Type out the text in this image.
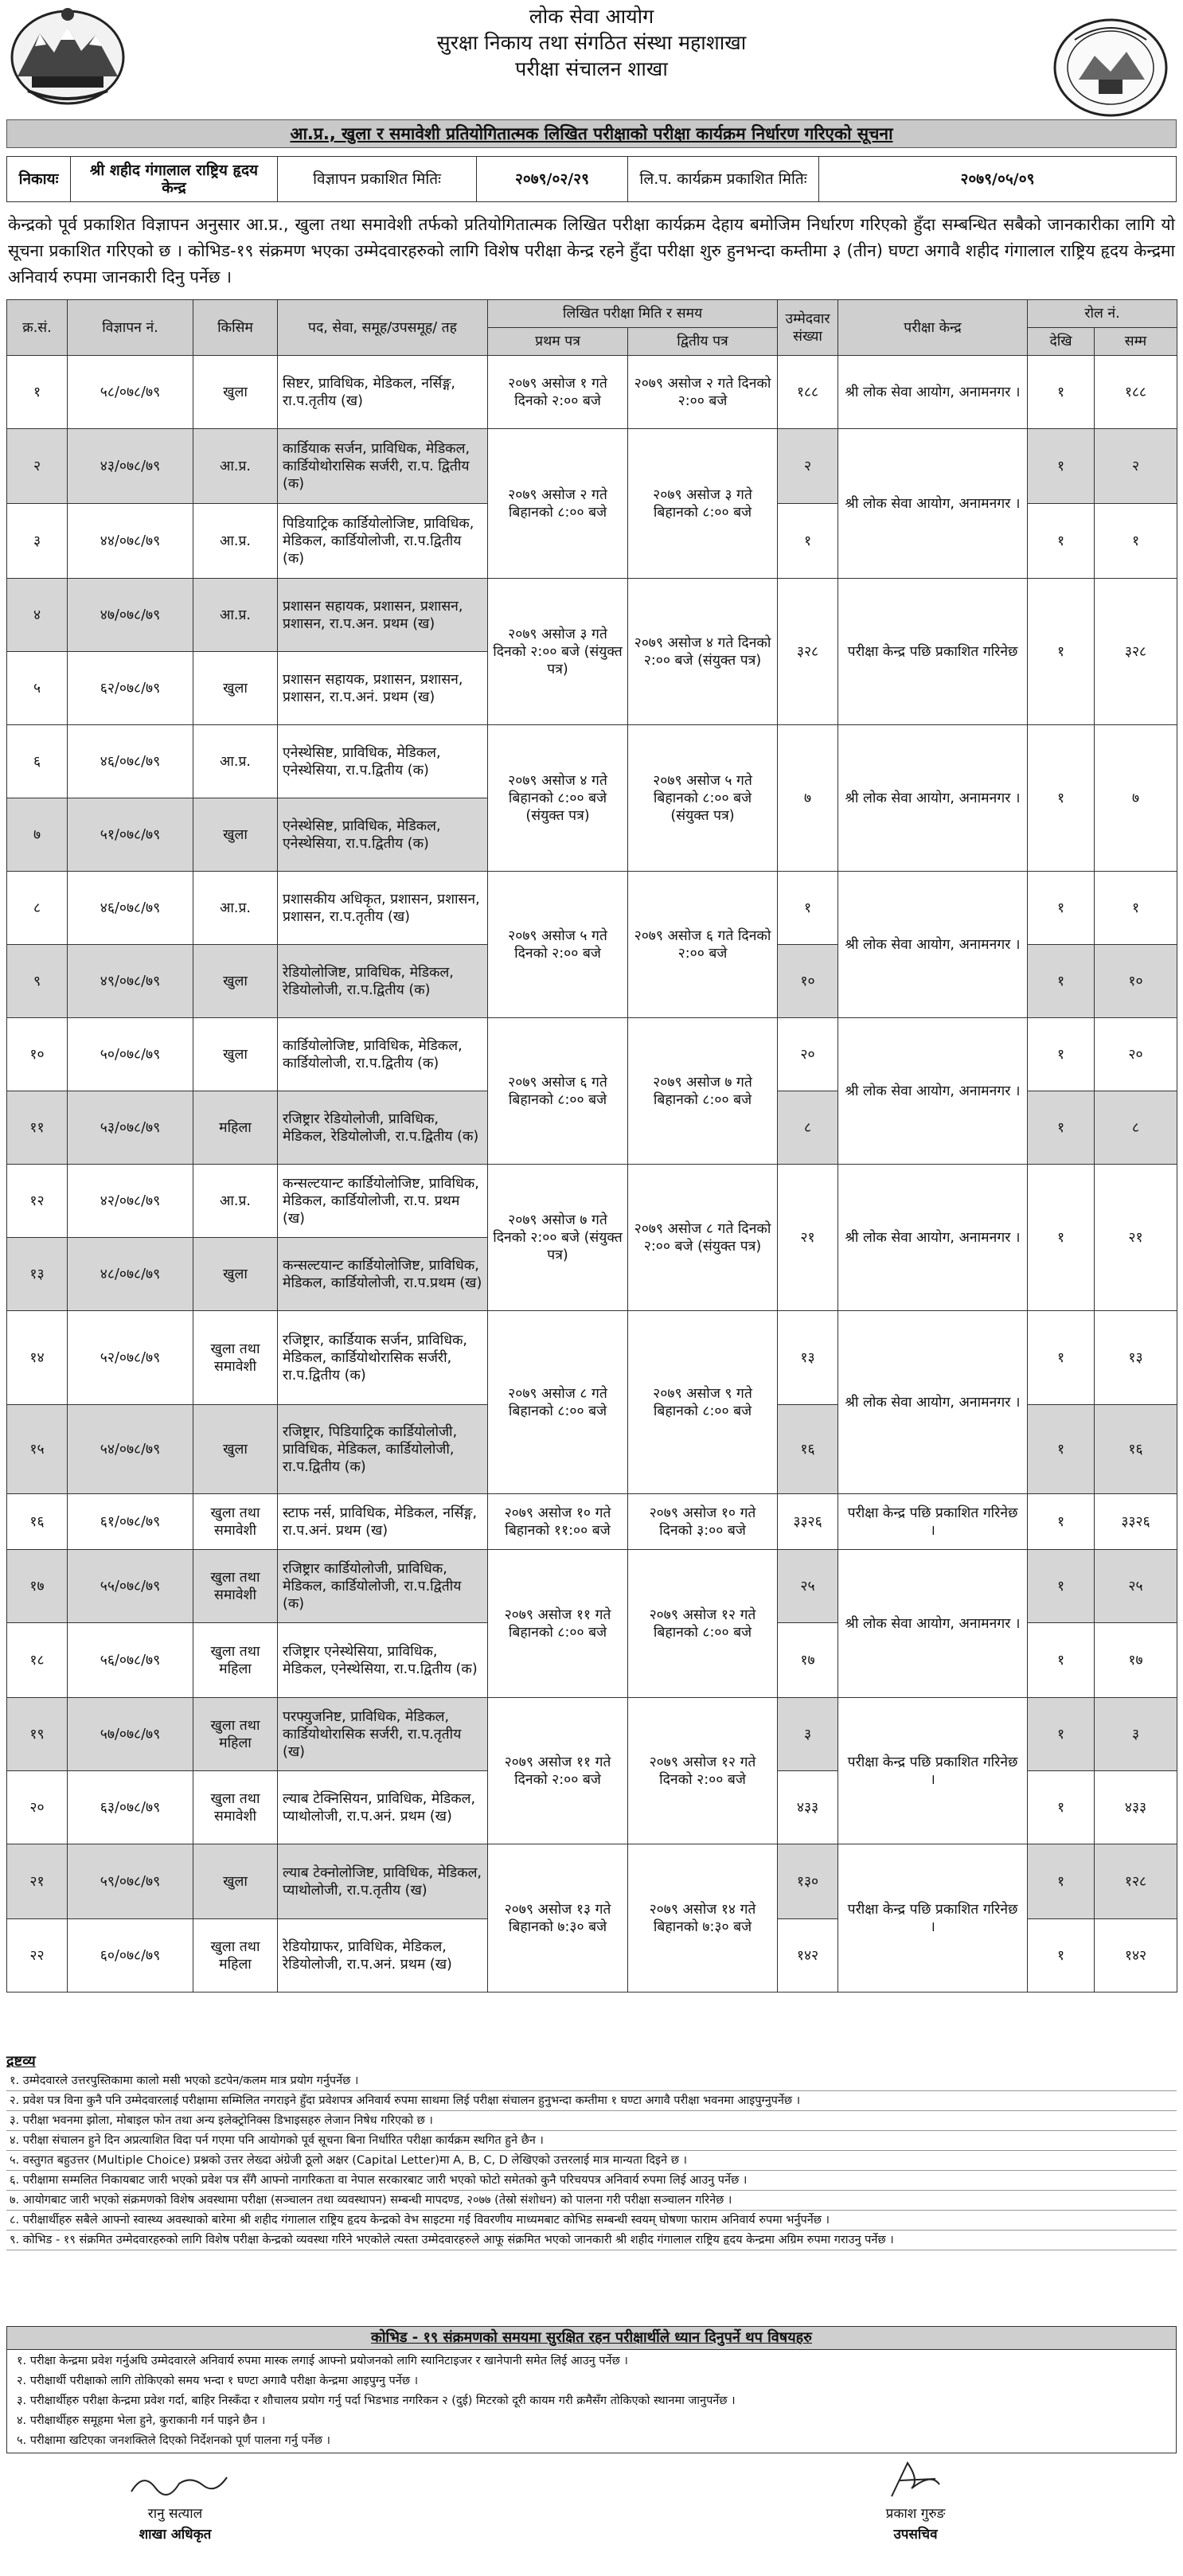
लोक सेवा आयोग
सुरक्षा निकाय तथा संगठित संस्था महाशाखा
परीक्षा संचालन शाखा
आ.प्र., खुला र समावेशी प्रतियोगितात्मक लिखित परीक्षाको परीक्षा कार्यक्रम निर्धारण गरिएको सूचना
निकायः	श्री शहीद गंगालाल राष्ट्रिय हृदय केन्द्र	विज्ञापन प्रकाशित मितिः	२०७९/०२/२९	लि.प. कार्यक्रम प्रकाशित मितिः	२०७९/०५/०९
केन्द्रको पूर्व प्रकाशित विज्ञापन अनुसार आ.प्र., खुला तथा समावेशी तर्फको प्रतियोगितात्मक लिखित परीक्षा कार्यक्रम देहाय बमोजिम निर्धारण गरिएको हुँदा सम्बन्धित सबैको जानकारीका लागि यो सूचना प्रकाशित गरिएको छ । कोभिड-१९ संक्रमण भएका उम्मेदवारहरुको लागि विशेष परीक्षा केन्द्र रहने हुँदा परीक्षा शुरु हुनभन्दा कम्तीमा ३ (तीन) घण्टा अगावै शहीद गंगालाल राष्ट्रिय हृदय केन्द्रमा अनिवार्य रुपमा जानकारी दिनु पर्नेछ ।
क्र.सं.	विज्ञापन नं.	किसिम	पद, सेवा, समूह/उपसमूह/ तह	लिखित परीक्षा मिति र समय		उम्मेदवार संख्या	परीक्षा केन्द्र	रोल नं.	
				प्रथम पत्र	द्वितीय पत्र			देखि	सम्म
१	५८/०७८/७९	खुला	सिष्टर, प्राविधिक, मेडिकल, नर्सिङ्ग, रा.प.तृतीय (ख)	२०७९ असोज १ गते दिनको २:०० बजे	२०७९ असोज २ गते दिनको २:०० बजे	१८८	श्री लोक सेवा आयोग, अनामनगर ।	१	१८८
२	४३/०७८/७९	आ.प्र.	कार्डियाक सर्जन, प्राविधिक, मेडिकल, कार्डियोथोरासिक सर्जरी, रा.प. द्वितीय (क)	२०७९ असोज २ गते बिहानको ८:०० बजे	२०७९ असोज ३ गते बिहानको ८:०० बजे	२	श्री लोक सेवा आयोग, अनामनगर ।	१	२
३	४४/०७८/७९	आ.प्र.	पिडियाट्रिक कार्डियोलोजिष्ट, प्राविधिक, मेडिकल, कार्डियोलोजी, रा.प.द्वितीय (क)			१		१	१
४	४७/०७८/७९	आ.प्र.	प्रशासन सहायक, प्रशासन, प्रशासन, प्रशासन, रा.प.अन. प्रथम (ख)	२०७९ असोज ३ गते दिनको २:०० बजे (संयुक्त पत्र)	२०७९ असोज ४ गते दिनको २:०० बजे (संयुक्त पत्र)	३२८	परीक्षा केन्द्र पछि प्रकाशित गरिनेछ	१	३२८
५	६२/०७८/७९	खुला	प्रशासन सहायक, प्रशासन, प्रशासन, प्रशासन, रा.प.अनं. प्रथम (ख)						
६	४६/०७८/७९	आ.प्र.	एनेस्थेसिष्ट, प्राविधिक, मेडिकल, एनेस्थेसिया, रा.प.द्वितीय (क)	२०७९ असोज ४ गते बिहानको ८:०० बजे (संयुक्त पत्र)	२०७९ असोज ५ गते बिहानको ८:०० बजे (संयुक्त पत्र)	७	श्री लोक सेवा आयोग, अनामनगर ।	१	७
७	५१/०७८/७९	खुला	एनेस्थेसिष्ट, प्राविधिक, मेडिकल, एनेस्थेसिया, रा.प.द्वितीय (क)						
८	४६/०७८/७९	आ.प्र.	प्रशासकीय अधिकृत, प्रशासन, प्रशासन, प्रशासन, रा.प.तृतीय (ख)	२०७९ असोज ५ गते दिनको २:०० बजे	२०७९ असोज ६ गते दिनको २:०० बजे	१	श्री लोक सेवा आयोग, अनामनगर ।	१	१
९	४९/०७८/७९	खुला	रेडियोलोजिष्ट, प्राविधिक, मेडिकल, रेडियोलोजी, रा.प.द्वितीय (क)			१०		१	१०
१०	५०/०७८/७९	खुला	कार्डियोलोजिष्ट, प्राविधिक, मेडिकल, कार्डियोलोजी, रा.प.द्वितीय (क)	२०७९ असोज ६ गते बिहानको ८:०० बजे	२०७९ असोज ७ गते बिहानको ८:०० बजे	२०	श्री लोक सेवा आयोग, अनामनगर ।	१	२०
११	५३/०७८/७९	महिला	रजिष्ट्रार रेडियोलोजी, प्राविधिक, मेडिकल, रेडियोलोजी, रा.प.द्वितीय (क)			८		१	८
१२	४२/०७८/७९	आ.प्र.	कन्सल्टयान्ट कार्डियोलोजिष्ट, प्राविधिक, मेडिकल, कार्डियोलोजी, रा.प. प्रथम (ख)	२०७९ असोज ७ गते दिनको २:०० बजे (संयुक्त पत्र)	२०७९ असोज ८ गते दिनको २:०० बजे (संयुक्त पत्र)	२१	श्री लोक सेवा आयोग, अनामनगर ।	१	२१
१३	४८/०७८/७९	खुला	कन्सल्टयान्ट कार्डियोलोजिष्ट, प्राविधिक, मेडिकल, कार्डियोलोजी, रा.प.प्रथम (ख)						
१४	५२/०७८/७९	खुला तथा समावेशी	रजिष्ट्रार, कार्डियाक सर्जन, प्राविधिक, मेडिकल, कार्डियोथोरासिक सर्जरी, रा.प.द्वितीय (क)	२०७९ असोज ८ गते बिहानको ८:०० बजे	२०७९ असोज ९ गते बिहानको ८:०० बजे	१३	श्री लोक सेवा आयोग, अनामनगर ।	१	१३
१५	५४/०७८/७९	खुला	रजिष्ट्रार, पिडियाट्रिक कार्डियोलोजी, प्राविधिक, मेडिकल, कार्डियोलोजी, रा.प.द्वितीय (क)			१६		१	१६
१६	६१/०७८/७९	खुला तथा समावेशी	स्टाफ नर्स, प्राविधिक, मेडिकल, नर्सिङ्ग, रा.प.अनं. प्रथम (ख)	२०७९ असोज १० गते बिहानको ११:०० बजे	२०७९ असोज १० गते दिनको ३:०० बजे	३३२६	परीक्षा केन्द्र पछि प्रकाशित गरिनेछ ।	१	३३२६
१७	५५/०७८/७९	खुला तथा समावेशी	रजिष्ट्रार कार्डियोलोजी, प्राविधिक, मेडिकल, कार्डियोलोजी, रा.प.द्वितीय (क)	२०७९ असोज ११ गते बिहानको ८:०० बजे	२०७९ असोज १२ गते बिहानको ८:०० बजे	२५	श्री लोक सेवा आयोग, अनामनगर ।	१	२५
१८	५६/०७८/७९	खुला तथा महिला	रजिष्ट्रार एनेस्थेसिया, प्राविधिक, मेडिकल, एनेस्थेसिया, रा.प.द्वितीय (क)			१७		१	१७
१९	५७/०७८/७९	खुला तथा महिला	परफ्युजनिष्ट, प्राविधिक, मेडिकल, कार्डियोथोरासिक सर्जरी, रा.प.तृतीय (ख)	२०७९ असोज ११ गते दिनको २:०० बजे	२०७९ असोज १२ गते दिनको २:०० बजे	३	परीक्षा केन्द्र पछि प्रकाशित गरिनेछ ।	१	३
२०	६३/०७८/७९	खुला तथा समावेशी	ल्याब टेक्निसियन, प्राविधिक, मेडिकल, प्याथोलोजी, रा.प.अनं. प्रथम (ख)			४३३		१	४३३
२१	५९/०७८/७९	खुला	ल्याब टेक्नोलोजिष्ट, प्राविधिक, मेडिकल, प्याथोलोजी, रा.प.तृतीय (ख)	२०७९ असोज १३ गते बिहानको ७:३० बजे	२०७९ असोज १४ गते बिहानको ७:३० बजे	१३०	परीक्षा केन्द्र पछि प्रकाशित गरिनेछ ।	१	१२८
२२	६०/०७८/७९	खुला तथा महिला	रेडियोग्राफर, प्राविधिक, मेडिकल, रेडियोलोजी, रा.प.अनं. प्रथम (ख)			१४२		१	१४२
द्रष्टव्य
१. उम्मेदवारले उत्तरपुस्तिकामा कालो मसी भएको डटपेन/कलम मात्र प्रयोग गर्नुपर्नेछ ।
२. प्रवेश पत्र विना कुनै पनि उम्मेदवारलाई परीक्षामा सम्मिलित नगराइने हुँदा प्रवेशपत्र अनिवार्य रुपमा साथमा लिई परीक्षा संचालन हुनुभन्दा कम्तीमा १ घण्टा अगावै परीक्षा भवनमा आइपुग्नुपर्नेछ ।
३. परीक्षा भवनमा झोला, मोबाइल फोन तथा अन्य इलेक्ट्रोनिक्स डिभाइसहरु लेजान निषेध गरिएको छ ।
४. परीक्षा संचालन हुने दिन अप्रत्याशित विदा पर्न गएमा पनि आयोगको पूर्व सूचना बिना निर्धारित परीक्षा कार्यक्रम स्थगित हुने छैन ।
५. वस्तुगत बहुउत्तर (Multiple Choice) प्रश्नको उत्तर लेख्दा अंग्रेजी ठूलो अक्षर (Capital Letter)मा A, B, C, D लेखिएको उत्तरलाई मात्र मान्यता दिइने छ ।
६. परीक्षामा सम्मलित निकायबाट जारी भएको प्रवेश पत्र सँगै आफ्नो नागरिकता वा नेपाल सरकारबाट जारी भएको फोटो समेतको कुनै परिचयपत्र अनिवार्य रुपमा लिई आउनु पर्नेछ ।
७. आयोगबाट जारी भएको संक्रमणको विशेष अवस्थामा परीक्षा (सञ्चालन तथा व्यवस्थापन) सम्बन्धी मापदण्ड, २०७७ (तेस्रो संशोधन) को पालना गरी परीक्षा सञ्चालन गरिनेछ ।
८. परीक्षार्थीहरु सबैले आफ्नो स्वास्थ्य अवस्थाको बारेमा श्री शहीद गंगालाल राष्ट्रिय हृदय केन्द्रको वेभ साइटमा गई विवरणीय माध्यमबाट कोभिड सम्बन्धी स्वयम् घोषणा फाराम अनिवार्य रुपमा भर्नुपर्नेछ ।
९. कोभिड - १९ संक्रमित उम्मेदवारहरुको लागि विशेष परीक्षा केन्द्रको व्यवस्था गरिने भएकोले त्यस्ता उम्मेदवारहरुले आफू संक्रमित भएको जानकारी श्री शहीद गंगालाल राष्ट्रिय हृदय केन्द्रमा अग्रिम रुपमा गराउनु पर्नेछ ।
कोभिड - १९ संक्रमणको समयमा सुरक्षित रहन परीक्षार्थीले ध्यान दिनुपर्ने थप विषयहरु
१. परीक्षा केन्द्रमा प्रवेश गर्नुअघि उम्मेदवारले अनिवार्य रुपमा मास्क लगाई आफ्नो प्रयोजनको लागि स्यानिटाइजर र खानेपानी समेत लिई आउनु पर्नेछ ।
२. परीक्षार्थी परीक्षाको लागि तोकिएको समय भन्दा १ घण्टा अगावै परीक्षा केन्द्रमा आइपुग्नु पर्नेछ ।
३. परीक्षार्थीहरु परीक्षा केन्द्रमा प्रवेश गर्दा, बाहिर निस्कँदा र शौचालय प्रयोग गर्नु पर्दा भिडभाड नगरिकन २ (दुई) मिटरको दूरी कायम गरी क्रमैसँग तोकिएको स्थानमा जानुपर्नेछ ।
४. परीक्षार्थीहरु समूहमा भेला हुने, कुराकानी गर्न पाइने छैन ।
५. परीक्षामा खटिएका जनशक्तिले दिएको निर्देशनको पूर्ण पालना गर्नु पर्नेछ ।
रानु सत्याल
शाखा अधिकृत
प्रकाश गुरुङ
उपसचिव
